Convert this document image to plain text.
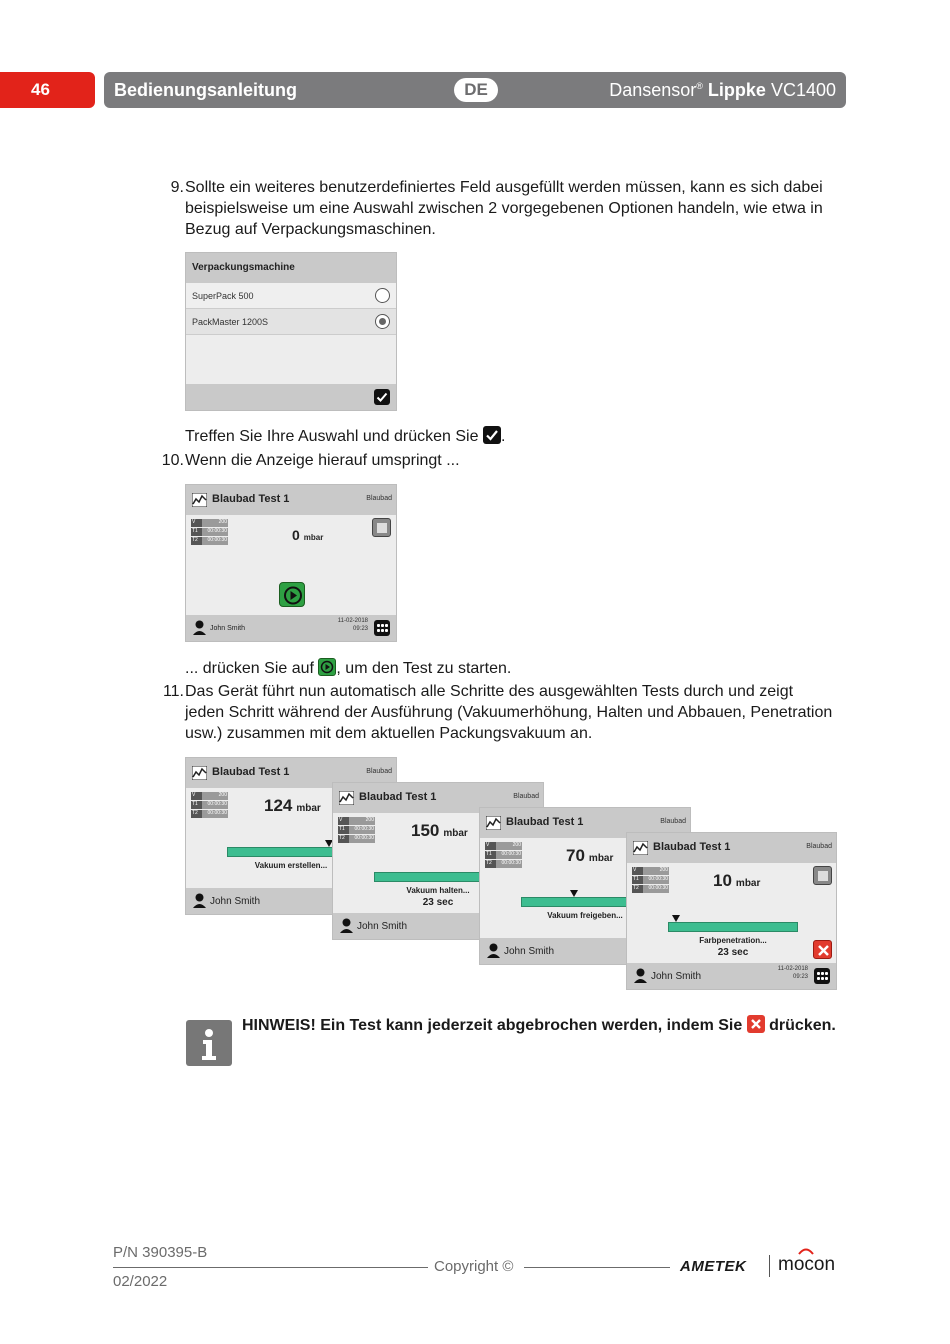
46	Bedienungsanleitung	DE	Dansensor® Lippke VC1400
9. Sollte ein weiteres benutzerdefiniertes Feld ausgefüllt werden müssen, kann es sich dabei beispielsweise um eine Auswahl zwischen 2 vorgegebenen Optionen handeln, wie etwa in Bezug auf Verpackungsmaschinen.
Verpackungsmachine
SuperPack 500
PackMaster 1200S
Treffen Sie Ihre Auswahl und drücken Sie
.
10. Wenn die Anzeige hierauf umspringt ...
Blaubad Test 1	Blaubad
V	200
T1	00:00:30
T2	00:00:30	0 mbar
John Smith
11-02-2018
09:23
... drücken Sie auf
, um den Test zu starten.
11. Das Gerät führt nun automatisch alle Schritte des ausgewählten Tests durch und zeigt jeden Schritt während der Ausführung (Vakuumerhöhung, Halten und Abbauen, Penetration usw.) zusammen mit dem aktuellen Packungsvakuum an.
Blaubad Test 1	Blaubad
V	200
T1	00:00:30
T2	00:00:30 124 mbar
Vakuum erstellen...
John Smith
Blaubad Test 1	Blaubad
V	200
T1	00:00:30
T2	00:00:30 150 mbar
Vakuum halten...
23 sec
John Smith
Blaubad Test 1	Blaubad
V	200
T1	00:00:30
T2	00:00:30	70 mbar
Vakuum freigeben...
John Smith
Blaubad Test 1	Blaubad
V	200
T1	00:00:30
T2	00:00:30	10 mbar
Farbpenetration...
23 sec
John Smith
11-02-2018
09:23
HINWEIS! Ein Test kann jederzeit abgebrochen werden, indem Sie
drücken.
P/N 390395-B
02/2022
Copyright ©	AMETEK mocon
